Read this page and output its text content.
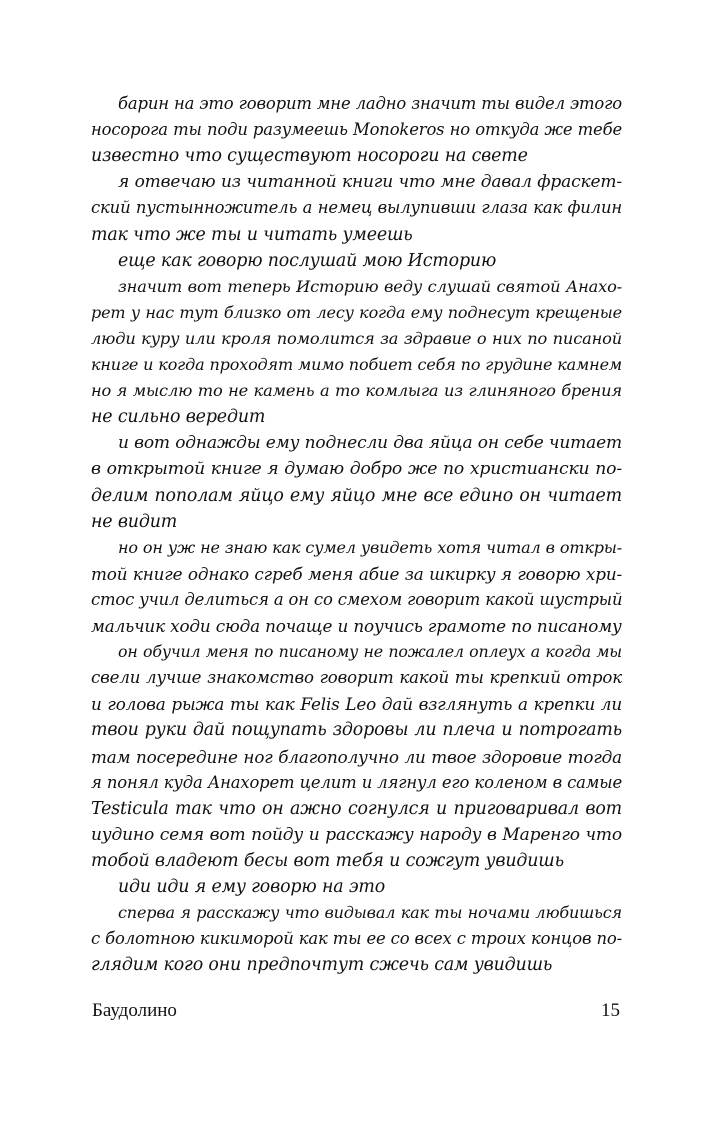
барин на это говорит мне ладно значит ты видел этого
носорога ты поди разумеешь Monokeros но откуда же тебе
известно что существуют носороги на свете
я отвечаю из читанной книги что мне давал фраскет-
ский пустынножитель а немец вылупивши глаза как филин
так что же ты и читать умеешь
еще как говорю послушай мою Историю
значит вот теперь Историю веду слушай святой Анахо-
рет у нас тут близко от лесу когда ему поднесут крещеные
люди куру или кроля помолится за здравие о них по писаной
книге и когда проходят мимо побиет себя по грудине камнем
но я мыслю то не камень а то комлыга из глиняного брения
не сильно вередит
и вот однажды ему поднесли два яйца он себе читает
в открытой книге я думаю добро же по христиански по-
делим пополам яйцо ему яйцо мне все едино он читает
не видит
но он уж не знаю как сумел увидеть хотя читал в откры-
той книге однако сгреб меня абие за шкирку я говорю хри-
стос учил делиться а он со смехом говорит какой шустрый
мальчик ходи сюда почаще и поучись грамоте по писаному
он обучил меня по писаному не пожалел оплеух а когда мы
свели лучше знакомство говорит какой ты крепкий отрок
и голова рыжа ты как Felis Leo дай взглянуть а крепки ли
твои руки дай пощупать здоровы ли плеча и потрогать
там посередине ног благополучно ли твое здоровие тогда
я понял куда Анахорет целит и лягнул его коленом в самые
Testicula так что он ажно согнулся и приговаривал вот
иудино семя вот пойду и расскажу народу в Маренго что
тобой владеют бесы вот тебя и сожгут увидишь
иди иди я ему говорю на это
сперва я расскажу что видывал как ты ночами любишься
с болотною кикиморой как ты ее со всех с троих концов по-
глядим кого они предпочтут сжечь сам увидишь
Баудолино	15
